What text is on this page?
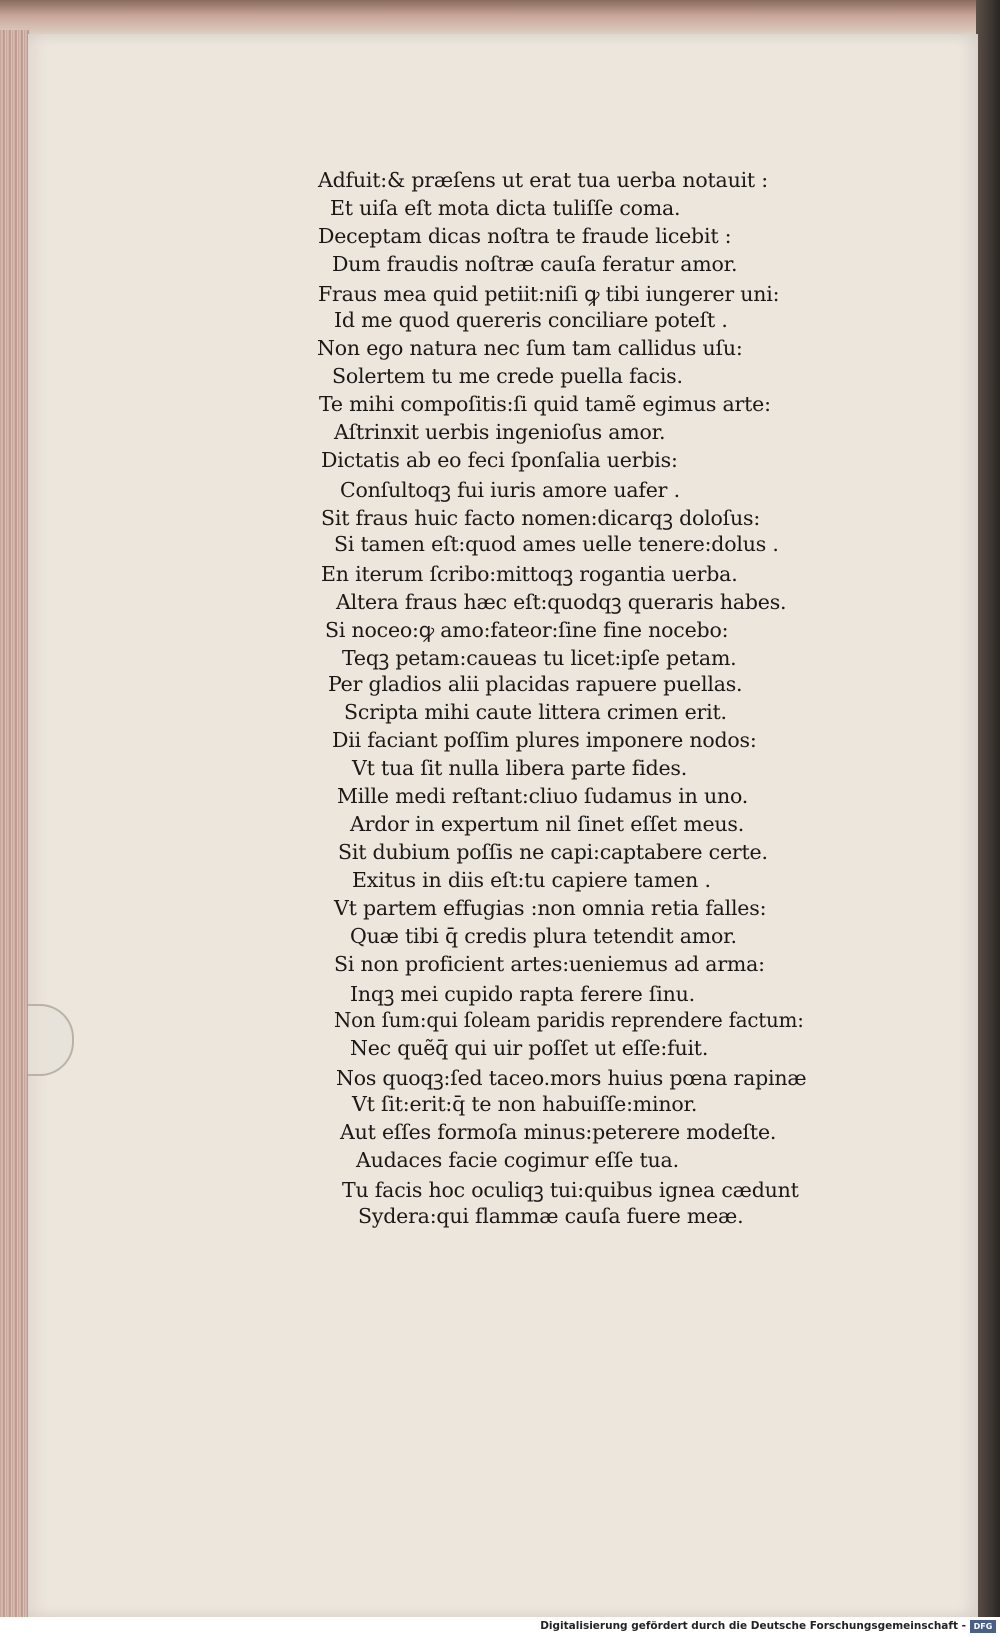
Adfuit:& præſens ut erat tua uerba notauit :
Et uiſa eſt mota dicta tuliſſe coma.
Deceptam dicas noſtra te fraude licebit :
Dum fraudis noſtræ cauſa feratur amor.
Fraus mea quid petiit:niſi ꝙ tibi iungerer uni:
Id me quod quereris conciliare poteſt .
Non ego natura nec ſum tam callidus uſu:
Solertem tu me crede puella facis.
Te mihi compoſitis:ſi quid tamẽ egimus arte:
Aſtrinxit uerbis ingenioſus amor.
Dictatis ab eo feci ſponſalia uerbis:
Conſultoqꝫ fui iuris amore uafer .
Sit fraus huic facto nomen:dicarqꝫ doloſus:
Si tamen eſt:quod ames uelle tenere:dolus .
En iterum ſcribo:mittoqꝫ rogantia uerba.
Altera fraus hæc eſt:quodqꝫ queraris habes.
Si noceo:ꝙ amo:fateor:ſine fine nocebo:
Teqꝫ petam:caueas tu licet:ipſe petam.
Per gladios alii placidas rapuere puellas.
Scripta mihi caute littera crimen erit.
Dii faciant poſſim plures imponere nodos:
Vt tua ſit nulla libera parte fides.
Mille medi reſtant:cliuo ſudamus in uno.
Ardor in expertum nil ſinet eſſet meus.
Sit dubium poſſis ne capi:captabere certe.
Exitus in diis eſt:tu capiere tamen .
Vt partem effugias :non omnia retia falles:
Quæ tibi q̄ credis plura tetendit amor.
Si non proficient artes:ueniemus ad arma:
Inqꝫ mei cupido rapta ferere ſinu.
Non ſum:qui ſoleam paridis reprendere factum:
Nec quẽq̄ qui uir poſſet ut eſſe:fuit.
Nos quoqꝫ:ſed taceo.mors huius pœna rapinæ
Vt ſit:erit:q̄ te non habuiſſe:minor.
Aut eſſes formoſa minus:peterere modeſte.
Audaces facie cogimur eſſe tua.
Tu facis hoc oculiqꝫ tui:quibus ignea cædunt
Sydera:qui flammæ cauſa fuere meæ.
Digitalisierung gefördert durch die Deutsche Forschungsgemeinschaft - DFG
